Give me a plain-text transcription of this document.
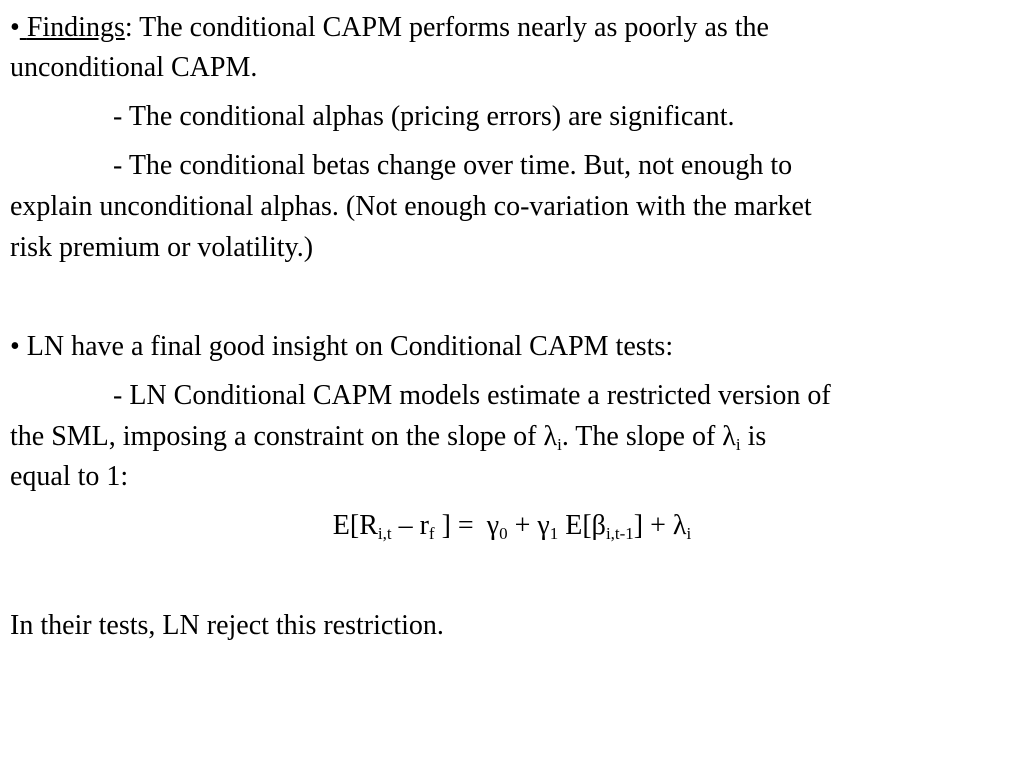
• Findings: The conditional CAPM performs nearly as poorly as the
unconditional CAPM.
- The conditional alphas (pricing errors) are significant.
- The conditional betas change over time. But, not enough to
explain unconditional alphas. (Not enough co-variation with the market
risk premium or volatility.)
• LN have a final good insight on Conditional CAPM tests:
- LN Conditional CAPM models estimate a restricted version of
the SML, imposing a constraint on the slope of $\lambda_i$. The slope of $\lambda_i$ is
equal to 1:
$E[R_{i,t} - r_f$ ] = $\gamma_0 + \gamma_1$ $E[\beta_{i,t-1}] + \lambda_i$
In their tests, LN reject this restriction.
